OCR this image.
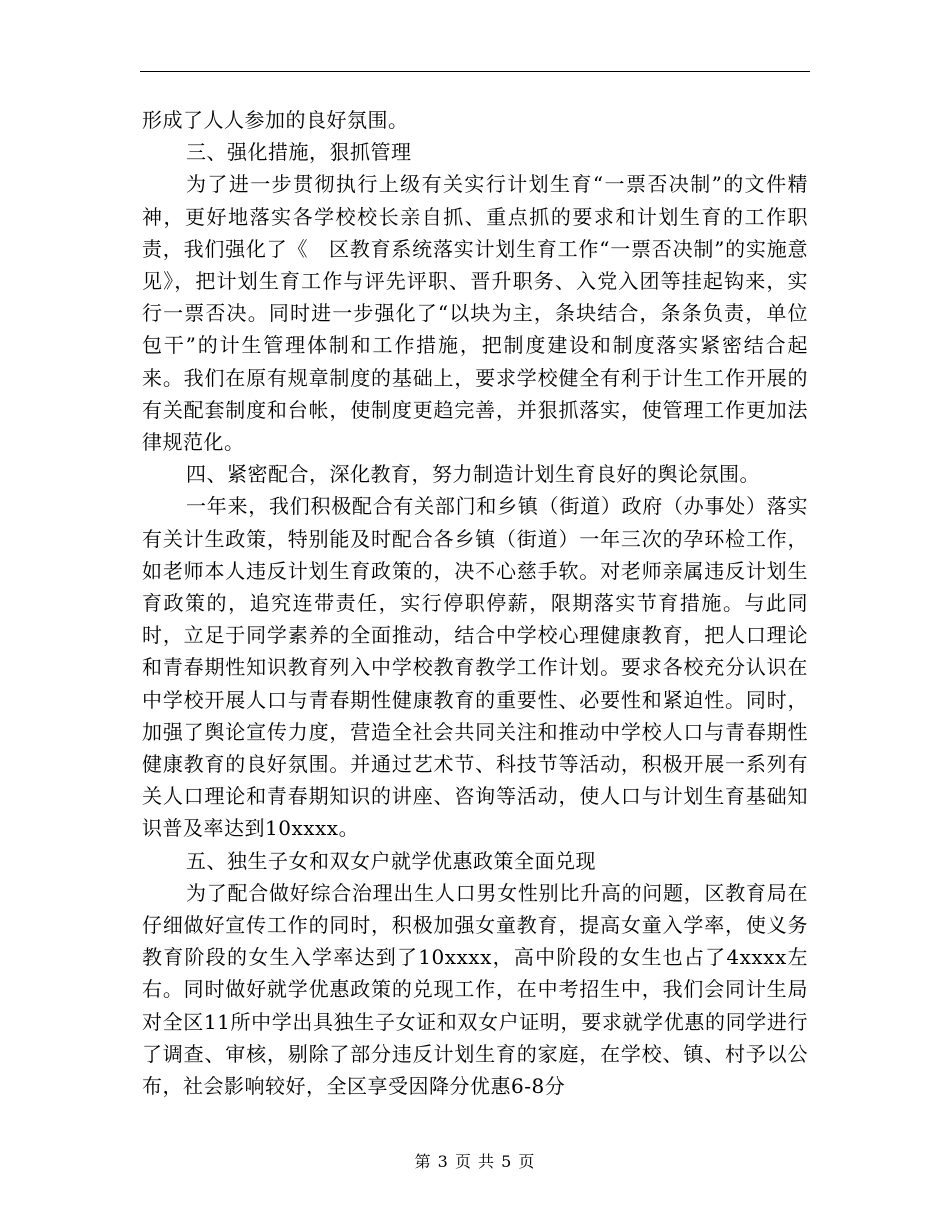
形成了人人参加的良好氛围。

三、强化措施，狠抓管理

为了进一步贯彻执行上级有关实行计划生育“一票否决制”的文件精神，更好地落实各学校校长亲自抓、重点抓的要求和计划生育的工作职责，我们强化了《　区教育系统落实计划生育工作“一票否决制”的实施意见》，把计划生育工作与评先评职、晋升职务、入党入团等挂起钩来，实行一票否决。同时进一步强化了“以块为主，条块结合，条条负责，单位包干”的计生管理体制和工作措施，把制度建设和制度落实紧密结合起来。我们在原有规章制度的基础上，要求学校健全有利于计生工作开展的有关配套制度和台帐，使制度更趋完善，并狠抓落实，使管理工作更加法律规范化。

四、紧密配合，深化教育，努力制造计划生育良好的舆论氛围。

一年来，我们积极配合有关部门和乡镇（街道）政府（办事处）落实有关计生政策，特别能及时配合各乡镇（街道）一年三次的孕环检工作，如老师本人违反计划生育政策的，决不心慈手软。对老师亲属违反计划生育政策的，追究连带责任，实行停职停薪，限期落实节育措施。与此同时，立足于同学素养的全面推动，结合中学校心理健康教育，把人口理论和青春期性知识教育列入中学校教育教学工作计划。要求各校充分认识在中学校开展人口与青春期性健康教育的重要性、必要性和紧迫性。同时，加强了舆论宣传力度，营造全社会共同关注和推动中学校人口与青春期性健康教育的良好氛围。并通过艺术节、科技节等活动，积极开展一系列有关人口理论和青春期知识的讲座、咨询等活动，使人口与计划生育基础知识普及率达到10xxxx。

五、独生子女和双女户就学优惠政策全面兑现

为了配合做好综合治理出生人口男女性别比升高的问题，区教育局在仔细做好宣传工作的同时，积极加强女童教育，提高女童入学率，使义务教育阶段的女生入学率达到了10xxxx，高中阶段的女生也占了4xxxx左右。同时做好就学优惠政策的兑现工作，在中考招生中，我们会同计生局对全区11所中学出具独生子女证和双女户证明，要求就学优惠的同学进行了调查、审核，剔除了部分违反计划生育的家庭，在学校、镇、村予以公布，社会影响较好，全区享受因降分优惠6-8分

第 3 页 共 5 页
